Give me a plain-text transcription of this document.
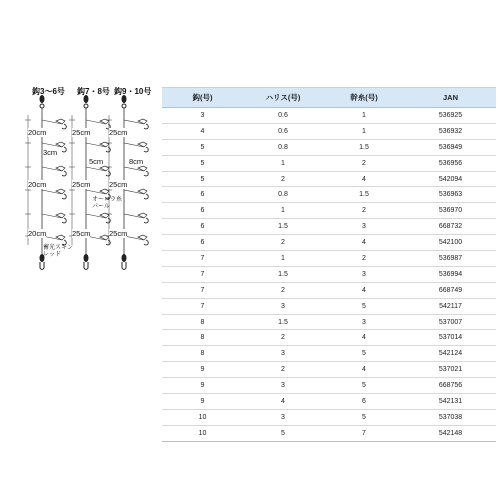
鈎3～6号 鈎7・8号 鈎9・10号
20cm
3cm
20cm
20cm
25cm
5cm
25cm
25cm
25cm
8cm
25cm
25cm
オーロラ糸
パール
蓄光スキン
レッド
鈎(号)	ハリス(号)	幹糸(号)	JAN
3	0.6	1	536925
4	0.6	1	536932
5	0.8	1.5	536949
5	1	2	536956
5	2	4	542094
6	0.8	1.5	536963
6	1	2	536970
6	1.5	3	668732
6	2	4	542100
7	1	2	536987
7	1.5	3	536994
7	2	4	668749
7	3	5	542117
8	1.5	3	537007
8	2	4	537014
8	3	5	542124
9	2	4	537021
9	3	5	668756
9	4	6	542131
10	3	5	537038
10	5	7	542148
